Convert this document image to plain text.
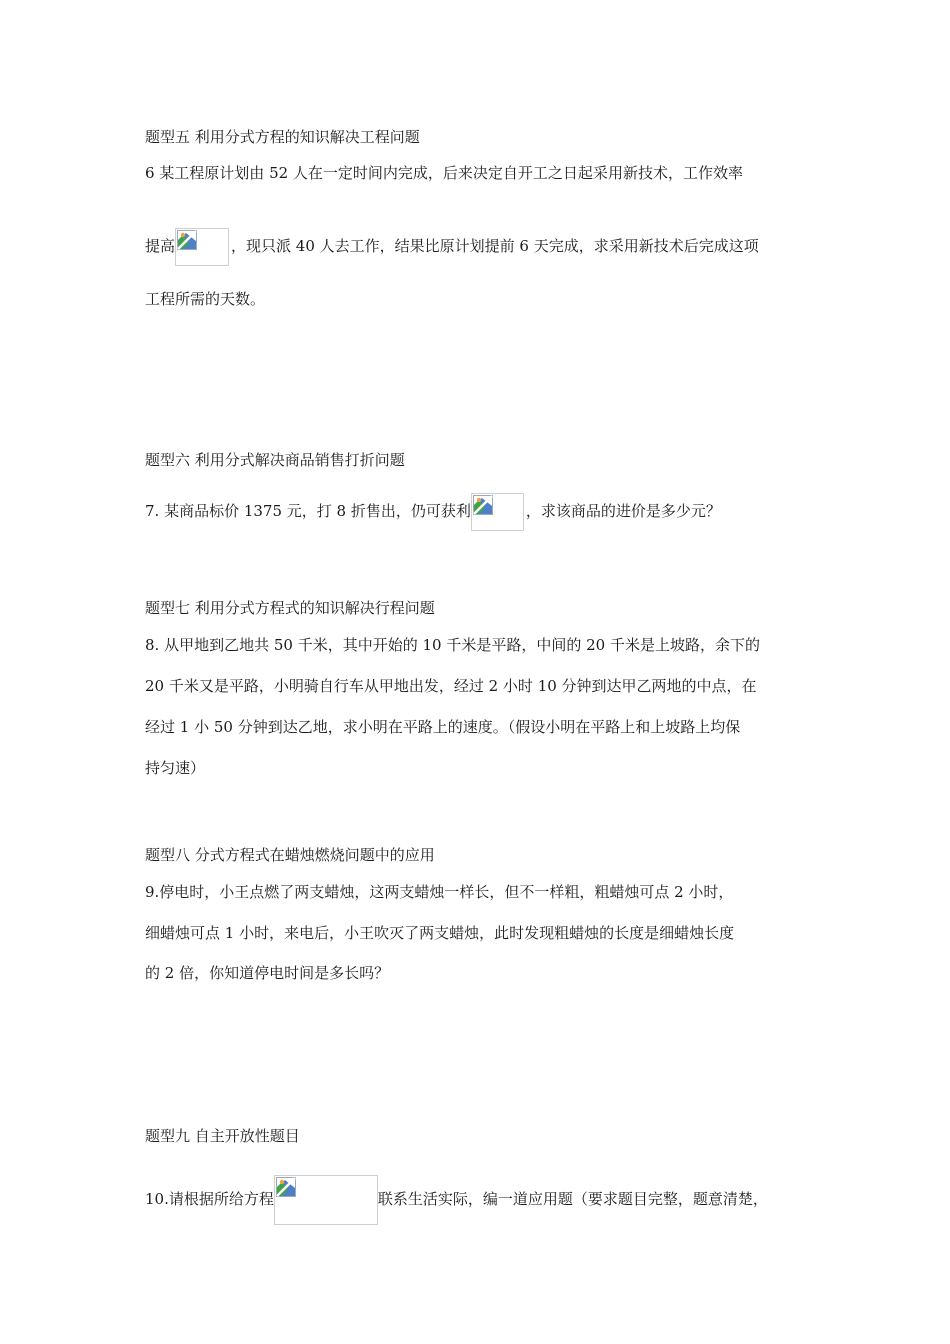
题型五 利用分式方程的知识解决工程问题
6 某工程原计划由 52 人在一定时间内完成，后来决定自开工之日起采用新技术，工作效率
提高	，现只派 40 人去工作，结果比原计划提前 6 天完成，求采用新技术后完成这项
工程所需的天数。
题型六 利用分式解决商品销售打折问题
7. 某商品标价 1375 元，打 8 折售出，仍可获利	，求该商品的进价是多少元？
题型七 利用分式方程式的知识解决行程问题
8. 从甲地到乙地共 50 千米，其中开始的 10 千米是平路，中间的 20 千米是上坡路，余下的
20 千米又是平路，小明骑自行车从甲地出发，经过 2 小时 10 分钟到达甲乙两地的中点，在
经过 1 小 50 分钟到达乙地，求小明在平路上的速度。（假设小明在平路上和上坡路上均保
持匀速）
题型八 分式方程式在蜡烛燃烧问题中的应用
9.停电时，小王点燃了两支蜡烛，这两支蜡烛一样长，但不一样粗，粗蜡烛可点 2 小时，
细蜡烛可点 1 小时，来电后，小王吹灭了两支蜡烛，此时发现粗蜡烛的长度是细蜡烛长度
的 2 倍，你知道停电时间是多长吗？
题型九 自主开放性题目
10.请根据所给方程	联系生活实际，编一道应用题（要求题目完整，题意清楚，
